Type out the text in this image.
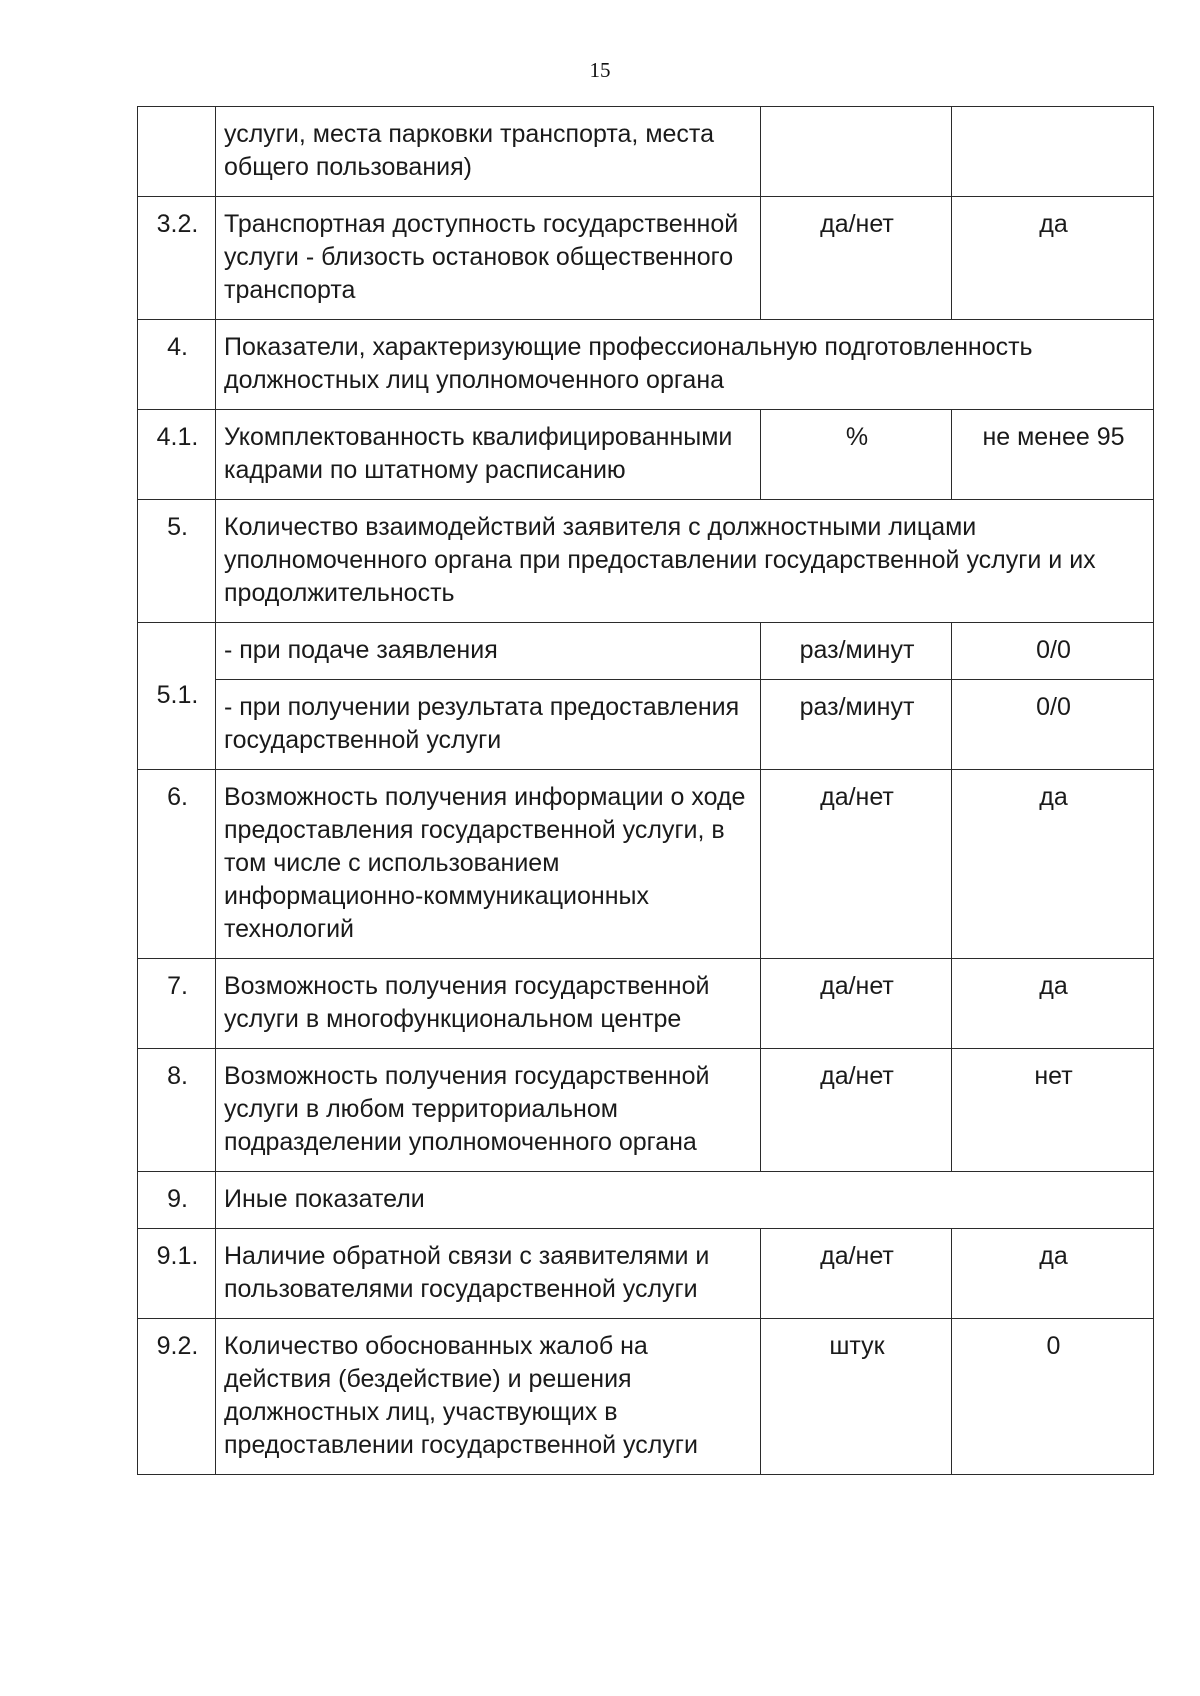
15
	услуги, места парковки транспорта, места общего пользования)		
3.2.	Транспортная доступность государственной услуги - близость остановок общественного транспорта	да/нет	да
4.	Показатели, характеризующие профессиональную подготовленность должностных лиц уполномоченного органа		
4.1.	Укомплектованность квалифицированными кадрами по штатному расписанию	%	не менее 95
5.	Количество взаимодействий заявителя с должностными лицами уполномоченного органа при предоставлении государственной услуги и их продолжительность		
5.1.	- при подаче заявления	раз/минут	0/0
	- при получении результата предоставления государственной услуги	раз/минут	0/0
6.	Возможность получения информации о ходе предоставления государственной услуги, в том числе с использованием информационно-коммуникационных технологий	да/нет	да
7.	Возможность получения государственной услуги в многофункциональном центре	да/нет	да
8.	Возможность получения государственной услуги в любом территориальном подразделении уполномоченного органа	да/нет	нет
9.	Иные показатели		
9.1.	Наличие обратной связи с заявителями и пользователями государственной услуги	да/нет	да
9.2.	Количество обоснованных жалоб на действия (бездействие) и решения должностных лиц, участвующих в предоставлении государственной услуги	штук	0
